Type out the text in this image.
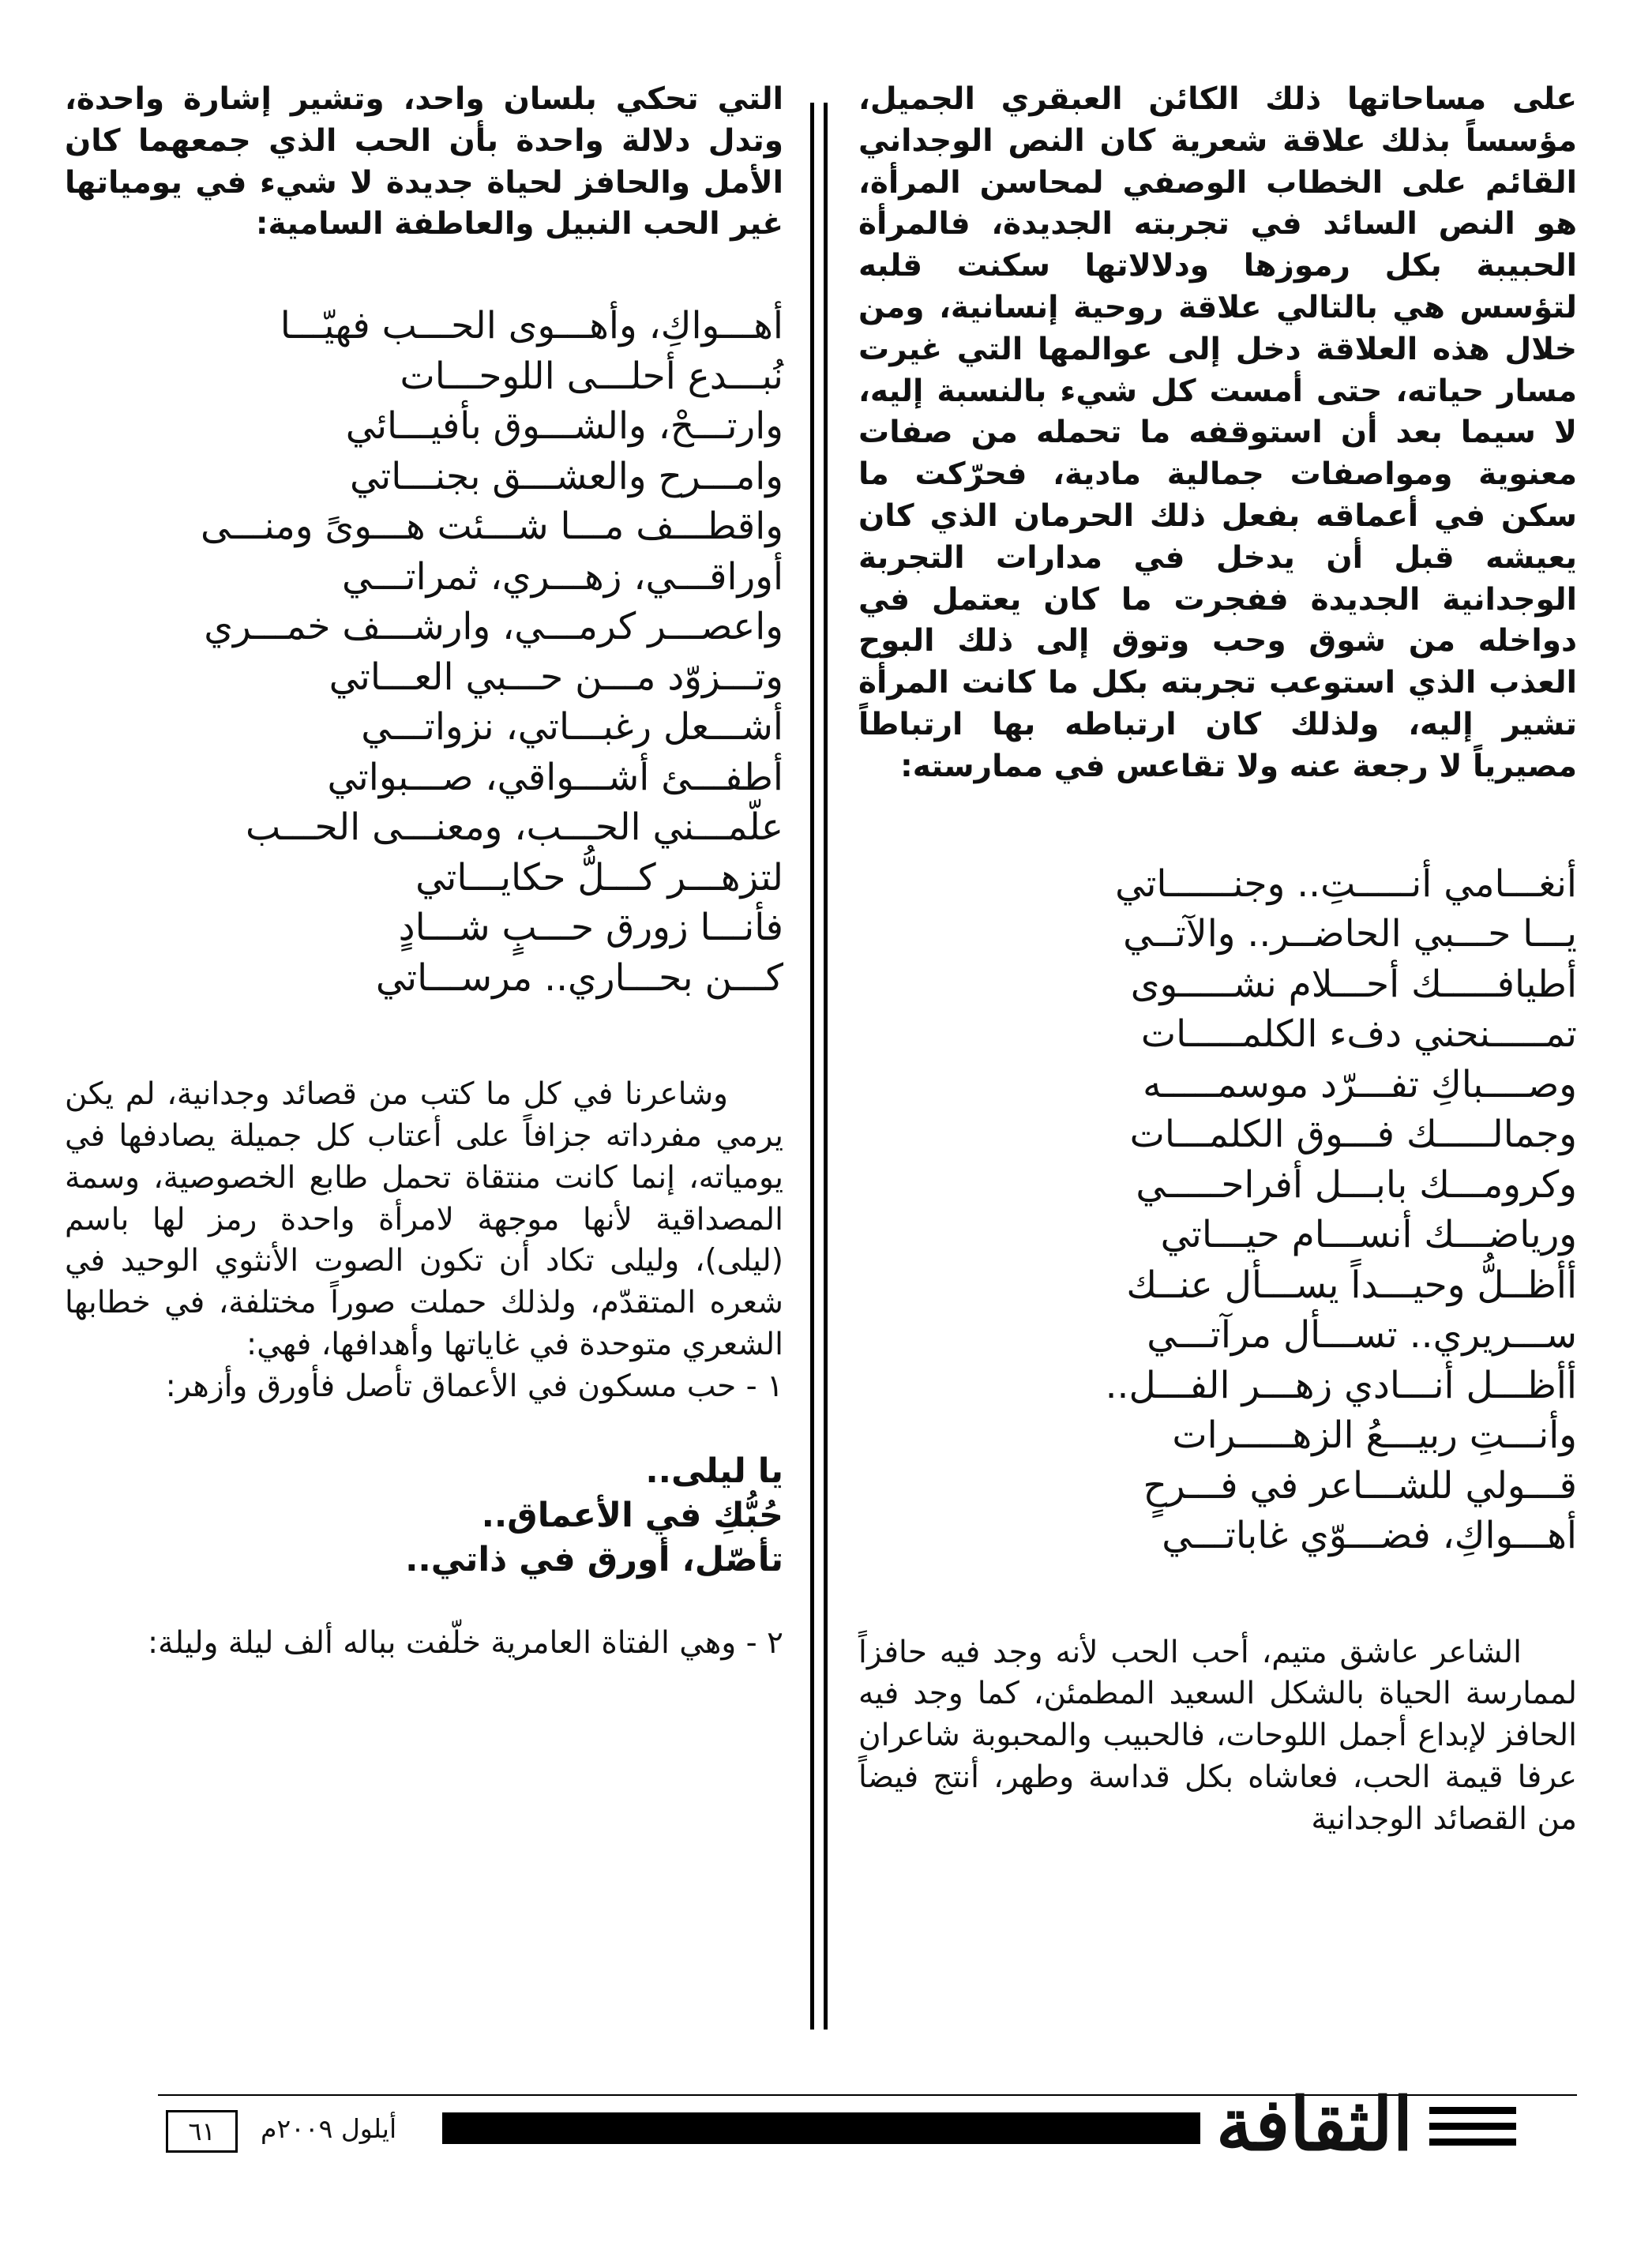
على مساحاتها ذلك الكائن العبقري الجميل، مؤسساً بذلك علاقة شعرية كان النص الوجداني القائم على الخطاب الوصفي لمحاسن المرأة، هو النص السائد في تجربته الجديدة، فالمرأة الحبيبة بكل رموزها ودلالاتها سكنت قلبه لتؤسس هي بالتالي علاقة روحية إنسانية، ومن خلال هذه العلاقة دخل إلى عوالمها التي غيرت مسار حياته، حتى أمست كل شيء بالنسبة إليه، لا سيما بعد أن استوقفه ما تحمله من صفات معنوية ومواصفات جمالية مادية، فحرّكت ما سكن في أعماقه بفعل ذلك الحرمان الذي كان يعيشه قبل أن يدخل في مدارات التجربة الوجدانية الجديدة ففجرت ما كان يعتمل في دواخله من شوق وحب وتوق إلى ذلك البوح العذب الذي استوعب تجربته بكل ما كانت المرأة تشير إليه، ولذلك كان ارتباطه بها ارتباطاً مصيرياً لا رجعة عنه ولا تقاعس في ممارسته:

أنغـــامي أنـــــتِ.. وجنــــــاتي
يـــا حـــبي الحاضــر.. والآتــي
أطيافـــــك أحـــلام نشـــــوى
تمـــــنحني دفء الكلمـــــات
وصــــباكِ تفـــرّد موسمـــــه
وجمالـــــك فـــوق الكلمـــات
وكرومـــك بابـــل أفراحـــــي
ورياضـــك أنســـام حيـــاتي
أأظــلُّ وحيـــداً يســـأل عنــك
ســـريري.. تســـأل مرآتـــي
أأظـــل أنـــادي زهـــر الفـــل..
وأنـــتِ ربيـــعُ الزهـــــرات
قـــولي للشـــاعر في فـــرحٍ
أهـــواكِ، فضـــوّي غاباتـــي

الشاعر عاشق متيم، أحب الحب لأنه وجد فيه حافزاً لممارسة الحياة بالشكل السعيد المطمئن، كما وجد فيه الحافز لإبداع أجمل اللوحات، فالحبيب والمحبوبة شاعران عرفا قيمة الحب، فعاشاه بكل قداسة وطهر، أنتج فيضاً من القصائد الوجدانية

التي تحكي بلسان واحد، وتشير إشارة واحدة، وتدل دلالة واحدة بأن الحب الذي جمعهما كان الأمل والحافز لحياة جديدة لا شيء في يومياتها غير الحب النبيل والعاطفة السامية:

أهـــواكِ، وأهـــوى الحـــب فهيّـــا
نُبـــدع أحلـــى اللوحـــات
وارتـــحْ، والشـــوق بأفيـــائي
وامـــرح والعشـــق بجنـــاتي
واقطـــف مـــا شـــئت هـــوىً ومنـــى
أوراقـــي، زهـــري، ثمراتـــي
واعصـــر كرمـــي، وارشـــف خمـــري
وتـــزوّد مـــن حـــبي العـــاتي
أشـــعل رغبـــاتي، نزواتـــي
أطفـــئ أشـــواقي، صـــبواتي
علّمـــني الحـــب، ومعنـــى الحـــب
لتزهـــر كـــلُّ حكايـــاتي
فأنـــا زورق حـــبٍ شـــادٍ
كـــن بحـــاري.. مرســـاتي

وشاعرنا في كل ما كتب من قصائد وجدانية، لم يكن يرمي مفرداته جزافاً على أعتاب كل جميلة يصادفها في يومياته، إنما كانت منتقاة تحمل طابع الخصوصية، وسمة المصداقية لأنها موجهة لامرأة واحدة رمز لها باسم (ليلى)، وليلى تكاد أن تكون الصوت الأنثوي الوحيد في شعره المتقدّم، ولذلك حملت صوراً مختلفة، في خطابها الشعري متوحدة في غاياتها وأهدافها، فهي:

١ - حب مسكون في الأعماق تأصل فأورق وأزهر:

يا ليلى..
حُبُّكِ في الأعماق..
تأصّل، أورق في ذاتي..

٢ - وهي الفتاة العامرية خلّفت بباله ألف ليلة وليلة:

٦١	أيلول ٢٠٠٩م	الثقافة
